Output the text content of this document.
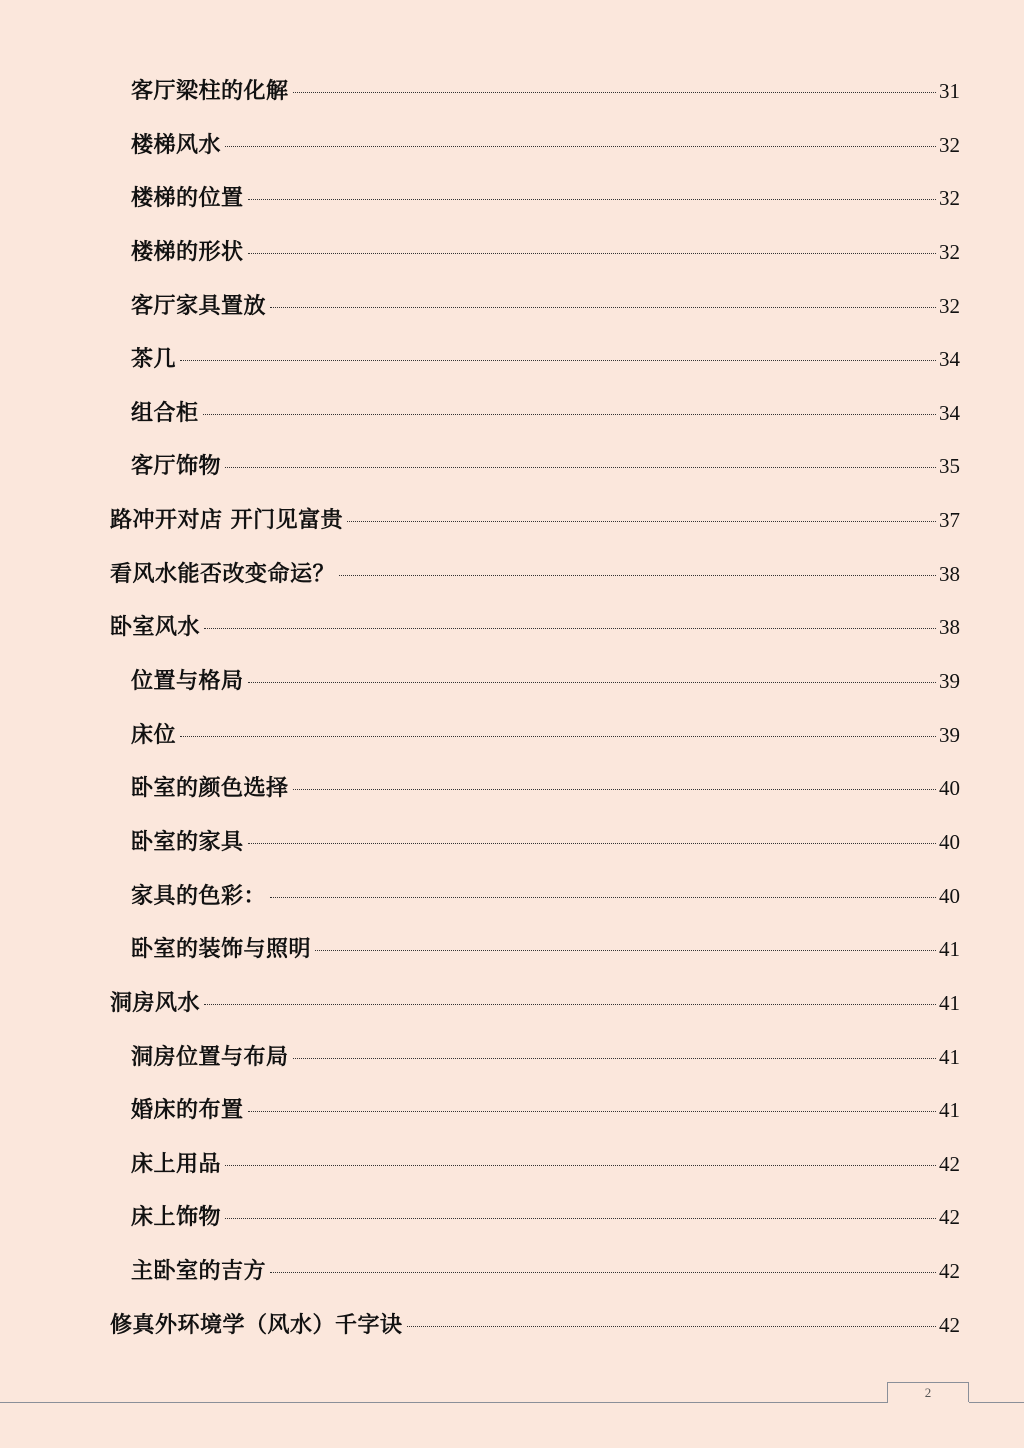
客厅梁柱的化解	31
楼梯风水	32
楼梯的位置	32
楼梯的形状	32
客厅家具置放	32
茶几	34
组合柜	34
客厅饰物	35
路冲开对店 开门见富贵	37
看风水能否改变命运？	38
卧室风水	38
位置与格局	39
床位	39
卧室的颜色选择	40
卧室的家具	40
家具的色彩：	40
卧室的装饰与照明	41
洞房风水	41
洞房位置与布局	41
婚床的布置	41
床上用品	42
床上饰物	42
主卧室的吉方	42
修真外环境学（风水）千字诀	42
2
